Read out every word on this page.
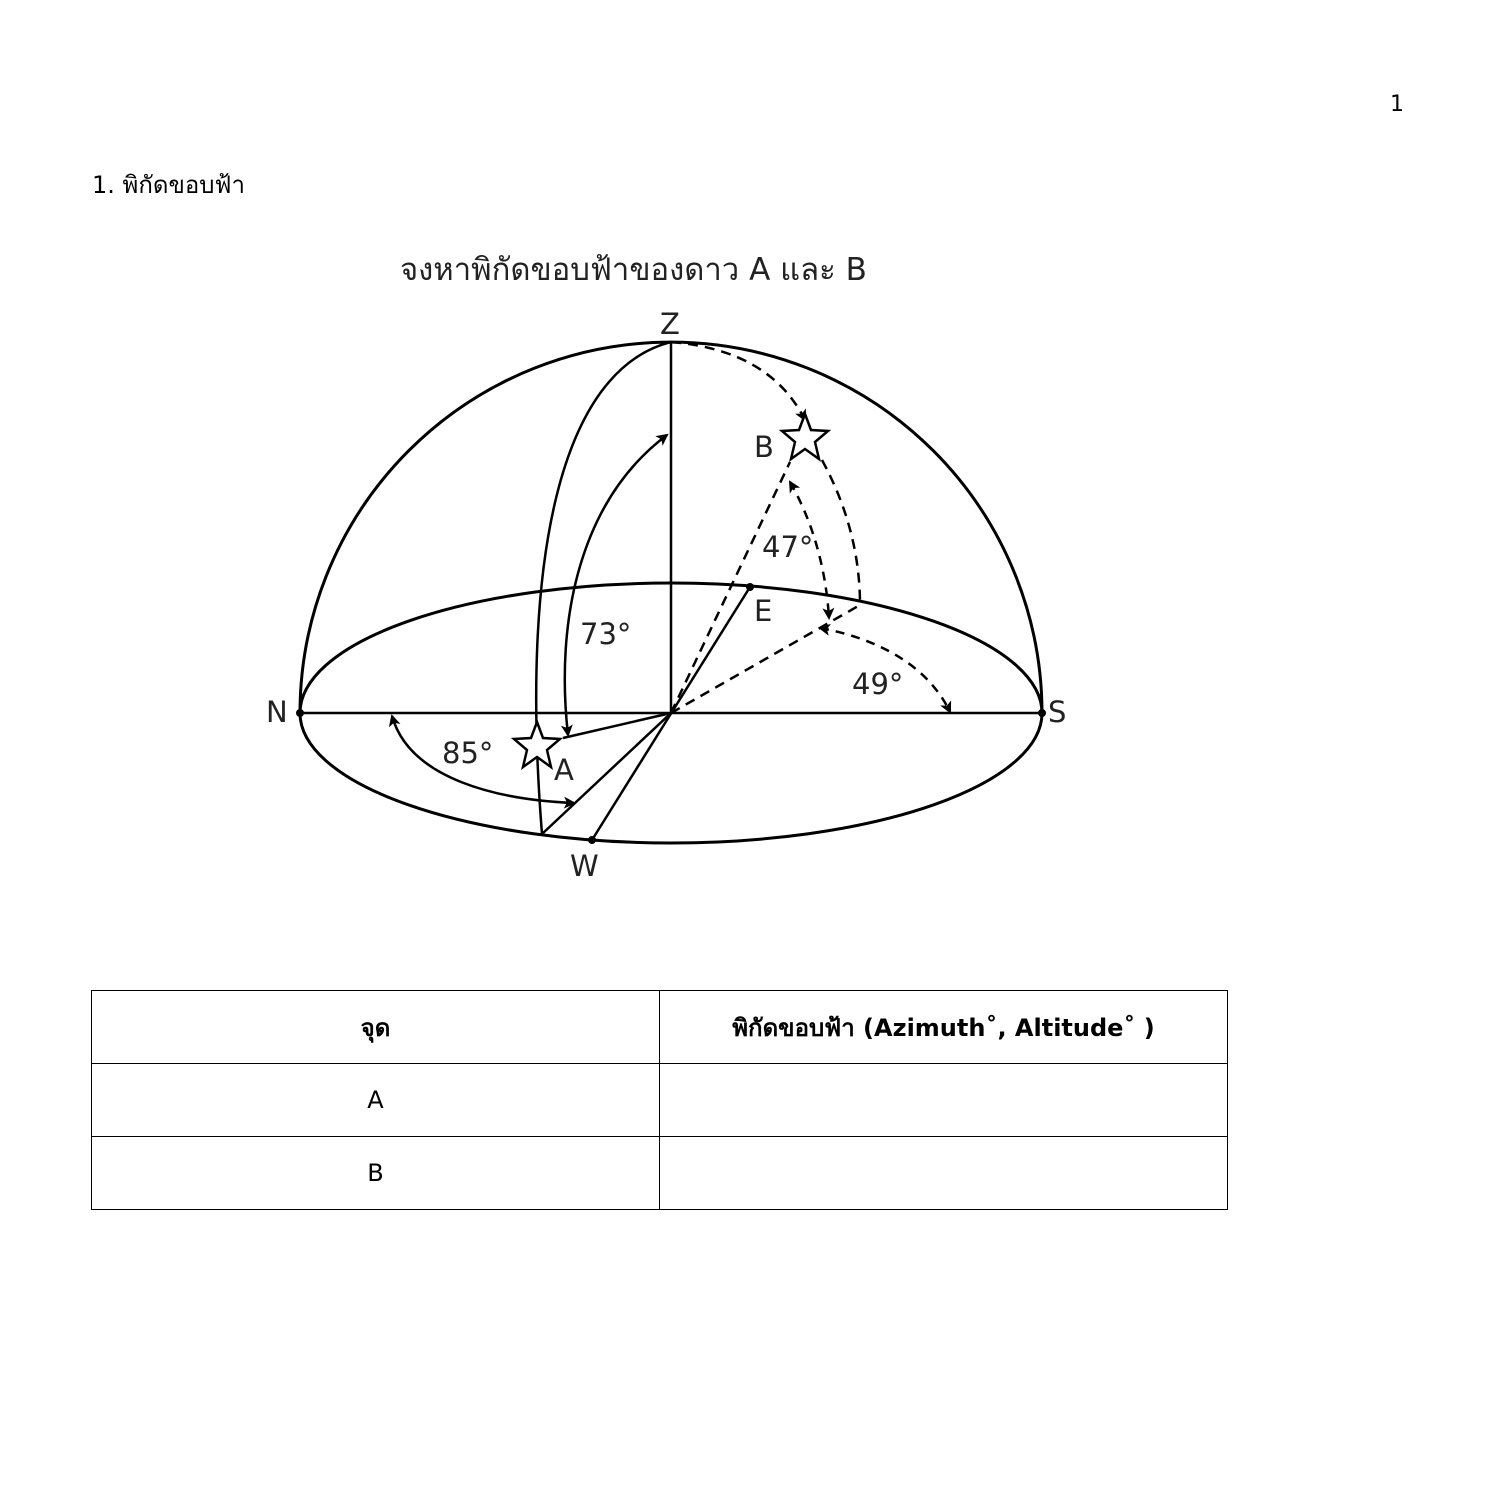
1
1. พิกัดขอบฟ้า
จงหาพิกัดขอบฟ้าของดาว A และ B
Z
N	S
E
W
A
B
73°
85°
47°
49°
จุด	พิกัดขอบฟ้า (Azimuth˚, Altitude˚ )
A	
B	
